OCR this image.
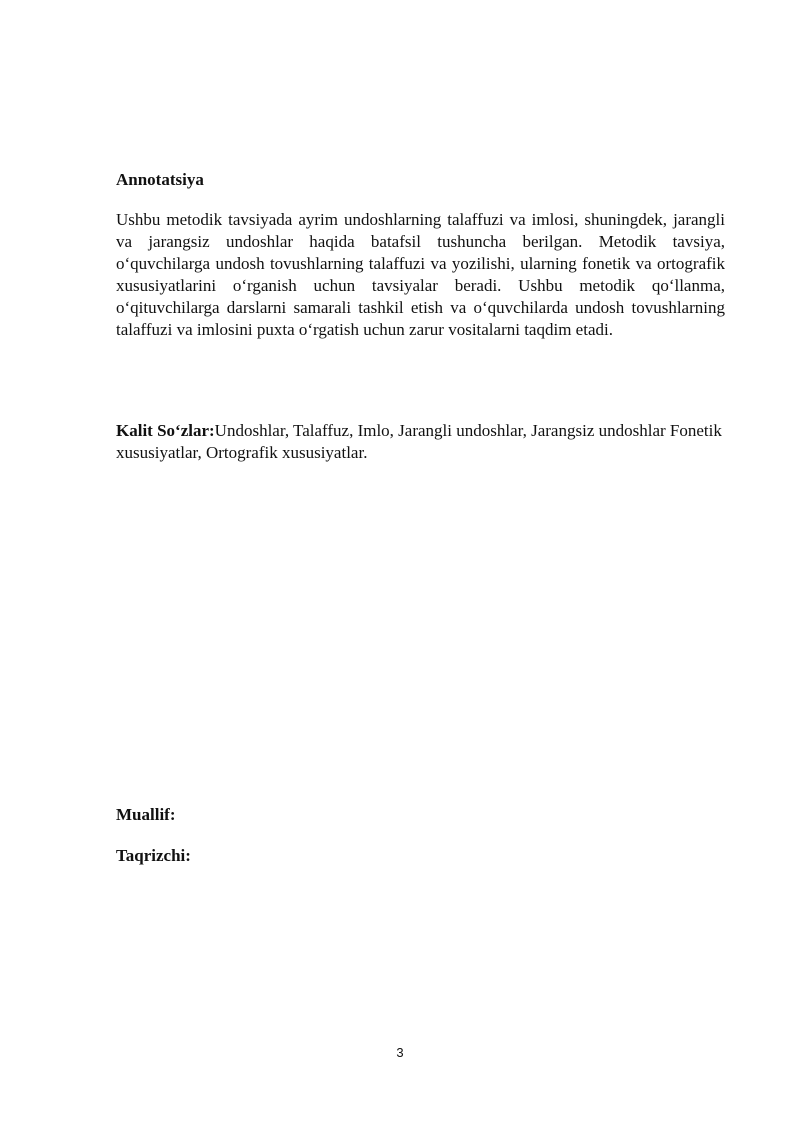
Annotatsiya

Ushbu metodik tavsiyada ayrim undoshlarning talaffuzi va imlosi, shuningdek, jarangli va jarangsiz undoshlar haqida batafsil tushuncha berilgan. Metodik tavsiya, o‘quvchilarga undosh tovushlarning talaffuzi va yozilishi, ularning fonetik va ortografik xususiyatlarini o‘rganish uchun tavsiyalar beradi. Ushbu metodik qo‘llanma, o‘qituvchilarga darslarni samarali tashkil etish va o‘quvchilarda undosh tovushlarning talaffuzi va imlosini puxta o‘rgatish uchun zarur vositalarni taqdim etadi.

Kalit So‘zlar:Undoshlar, Talaffuz, Imlo, Jarangli undoshlar, Jarangsiz undoshlar Fonetik xususiyatlar, Ortografik xususiyatlar.

Muallif:

Taqrizchi:

3
